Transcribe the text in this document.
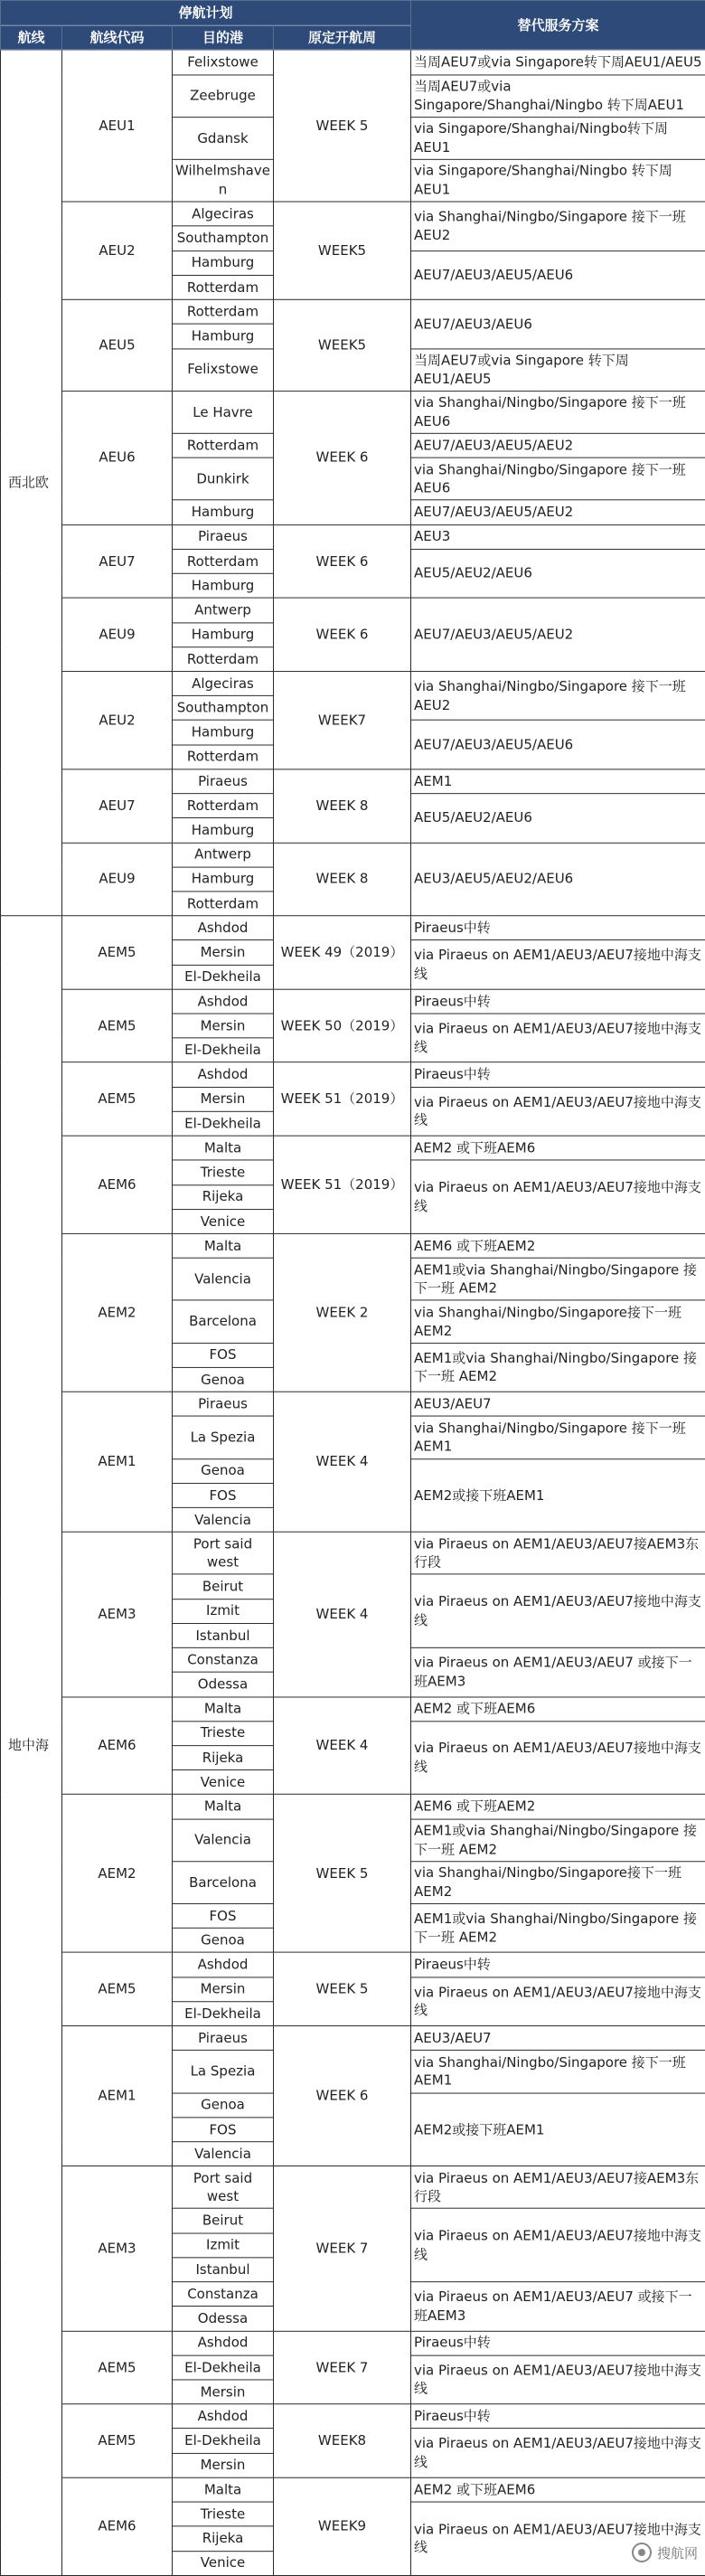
停航计划				替代服务方案
航线	航线代码	目的港	原定开航周	
西北欧	AEU1	Felixstowe	WEEK 5	当周AEU7或via Singapore转下周AEU1/AEU5
		Zeebruge		当周AEU7或via Singapore/Shanghai/Ningbo 转下周AEU1
		Gdansk		via Singapore/Shanghai/Ningbo转下周AEU1
		Wilhelmshaven		via Singapore/Shanghai/Ningbo 转下周AEU1
	AEU2	Algeciras	WEEK5	via Shanghai/Ningbo/Singapore 接下一班AEU2
		Southampton		
		Hamburg		AEU7/AEU3/AEU5/AEU6
		Rotterdam		
	AEU5	Rotterdam	WEEK5	AEU7/AEU3/AEU6
		Hamburg		
		Felixstowe		当周AEU7或via Singapore 转下周AEU1/AEU5
	AEU6	Le Havre	WEEK 6	via Shanghai/Ningbo/Singapore 接下一班AEU6
		Rotterdam		AEU7/AEU3/AEU5/AEU2
		Dunkirk		via Shanghai/Ningbo/Singapore 接下一班AEU6
		Hamburg		AEU7/AEU3/AEU5/AEU2
	AEU7	Piraeus	WEEK 6	AEU3
		Rotterdam		AEU5/AEU2/AEU6
		Hamburg		
	AEU9	Antwerp	WEEK 6	AEU7/AEU3/AEU5/AEU2
		Hamburg		
		Rotterdam		
	AEU2	Algeciras	WEEK7	via Shanghai/Ningbo/Singapore 接下一班AEU2
		Southampton		
		Hamburg		AEU7/AEU3/AEU5/AEU6
		Rotterdam		
	AEU7	Piraeus	WEEK 8	AEM1
		Rotterdam		AEU5/AEU2/AEU6
		Hamburg		
	AEU9	Antwerp	WEEK 8	AEU3/AEU5/AEU2/AEU6
		Hamburg		
		Rotterdam		
地中海	AEM5	Ashdod	WEEK 49（2019）	Piraeus中转
		Mersin		via Piraeus on AEM1/AEU3/AEU7接地中海支线
		El-Dekheila		
	AEM5	Ashdod	WEEK 50（2019）	Piraeus中转
		Mersin		via Piraeus on AEM1/AEU3/AEU7接地中海支线
		El-Dekheila		
	AEM5	Ashdod	WEEK 51（2019）	Piraeus中转
		Mersin		via Piraeus on AEM1/AEU3/AEU7接地中海支线
		El-Dekheila		
	AEM6	Malta	WEEK 51（2019）	AEM2 或下班AEM6
		Trieste		via Piraeus on AEM1/AEU3/AEU7接地中海支线
		Rijeka		
		Venice		
	AEM2	Malta	WEEK 2	AEM6 或下班AEM2
		Valencia		AEM1或via Shanghai/Ningbo/Singapore 接下一班 AEM2
		Barcelona		via Shanghai/Ningbo/Singapore接下一班AEM2
		FOS		AEM1或via Shanghai/Ningbo/Singapore 接下一班 AEM2
		Genoa		
	AEM1	Piraeus	WEEK 4	AEU3/AEU7
		La Spezia		via Shanghai/Ningbo/Singapore 接下一班AEM1
		Genoa		AEM2或接下班AEM1
		FOS		
		Valencia		
	AEM3	Port said west	WEEK 4	via Piraeus on AEM1/AEU3/AEU7接AEM3东行段
		Beirut		via Piraeus on AEM1/AEU3/AEU7接地中海支线
		Izmit		
		Istanbul		
		Constanza		via Piraeus on AEM1/AEU3/AEU7 或接下一班AEM3
		Odessa		
	AEM6	Malta	WEEK 4	AEM2 或下班AEM6
		Trieste		via Piraeus on AEM1/AEU3/AEU7接地中海支线
		Rijeka		
		Venice		
	AEM2	Malta	WEEK 5	AEM6 或下班AEM2
		Valencia		AEM1或via Shanghai/Ningbo/Singapore 接下一班 AEM2
		Barcelona		via Shanghai/Ningbo/Singapore接下一班AEM2
		FOS		AEM1或via Shanghai/Ningbo/Singapore 接下一班 AEM2
		Genoa		
	AEM5	Ashdod	WEEK 5	Piraeus中转
		Mersin		via Piraeus on AEM1/AEU3/AEU7接地中海支线
		El-Dekheila		
	AEM1	Piraeus	WEEK 6	AEU3/AEU7
		La Spezia		via Shanghai/Ningbo/Singapore 接下一班AEM1
		Genoa		AEM2或接下班AEM1
		FOS		
		Valencia		
	AEM3	Port said west	WEEK 7	via Piraeus on AEM1/AEU3/AEU7接AEM3东行段
		Beirut		via Piraeus on AEM1/AEU3/AEU7接地中海支线
		Izmit		
		Istanbul		
		Constanza		via Piraeus on AEM1/AEU3/AEU7 或接下一班AEM3
		Odessa		
	AEM5	Ashdod	WEEK 7	Piraeus中转
		El-Dekheila		via Piraeus on AEM1/AEU3/AEU7接地中海支线
		Mersin		
	AEM5	Ashdod	WEEK8	Piraeus中转
		El-Dekheila		via Piraeus on AEM1/AEU3/AEU7接地中海支线
		Mersin		
	AEM6	Malta	WEEK9	AEM2 或下班AEM6
		Trieste		via Piraeus on AEM1/AEU3/AEU7接地中海支线
		Rijeka		
		Venice		
搜航网
